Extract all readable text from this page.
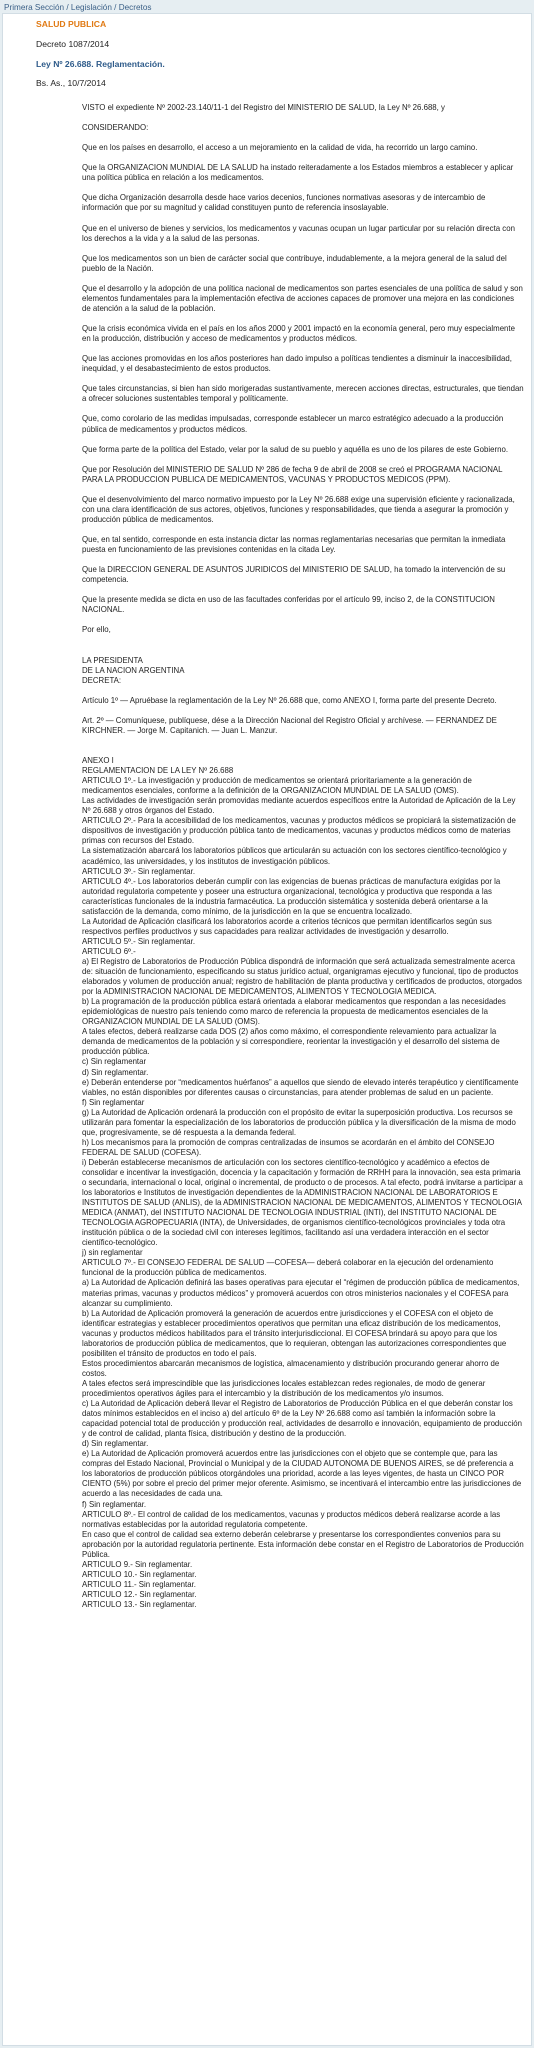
Primera Sección / Legislación / Decretos
SALUD PUBLICA
Decreto 1087/2014
Ley Nº 26.688. Reglamentación.
Bs. As., 10/7/2014

VISTO el expediente Nº 2002-23.140/11-1 del Registro del MINISTERIO DE SALUD, la Ley Nº 26.688, y

CONSIDERANDO:

Que en los países en desarrollo, el acceso a un mejoramiento en la calidad de vida, ha recorrido un largo camino.

Que la ORGANIZACION MUNDIAL DE LA SALUD ha instado reiteradamente a los Estados miembros a establecer y aplicar una política pública en relación a los medicamentos.

Que dicha Organización desarrolla desde hace varios decenios, funciones normativas asesoras y de intercambio de información que por su magnitud y calidad constituyen punto de referencia insoslayable.

Que en el universo de bienes y servicios, los medicamentos y vacunas ocupan un lugar particular por su relación directa con los derechos a la vida y a la salud de las personas.

Que los medicamentos son un bien de carácter social que contribuye, indudablemente, a la mejora general de la salud del pueblo de la Nación.

Que el desarrollo y la adopción de una política nacional de medicamentos son partes esenciales de una política de salud y son elementos fundamentales para la implementación efectiva de acciones capaces de promover una mejora en las condiciones de atención a la salud de la población.

Que la crisis económica vivida en el país en los años 2000 y 2001 impactó en la economía general, pero muy especialmente en la producción, distribución y acceso de medicamentos y productos médicos.

Que las acciones promovidas en los años posteriores han dado impulso a políticas tendientes a disminuir la inaccesibilidad, inequidad, y el desabastecimiento de estos productos.

Que tales circunstancias, si bien han sido morigeradas sustantivamente, merecen acciones directas, estructurales, que tiendan a ofrecer soluciones sustentables temporal y políticamente.

Que, como corolario de las medidas impulsadas, corresponde establecer un marco estratégico adecuado a la producción pública de medicamentos y productos médicos.

Que forma parte de la política del Estado, velar por la salud de su pueblo y aquélla es uno de los pilares de este Gobierno.

Que por Resolución del MINISTERIO DE SALUD Nº 286 de fecha 9 de abril de 2008 se creó el PROGRAMA NACIONAL PARA LA PRODUCCION PUBLICA DE MEDICAMENTOS, VACUNAS Y PRODUCTOS MEDICOS (PPM).

Que el desenvolvimiento del marco normativo impuesto por la Ley Nº 26.688 exige una supervisión eficiente y racionalizada, con una clara identificación de sus actores, objetivos, funciones y responsabilidades, que tienda a asegurar la promoción y producción pública de medicamentos.

Que, en tal sentido, corresponde en esta instancia dictar las normas reglamentarias necesarias que permitan la inmediata puesta en funcionamiento de las previsiones contenidas en la citada Ley.

Que la DIRECCION GENERAL DE ASUNTOS JURIDICOS del MINISTERIO DE SALUD, ha tomado la intervención de su competencia.

Que la presente medida se dicta en uso de las facultades conferidas por el artículo 99, inciso 2, de la CONSTITUCION NACIONAL.

Por ello,

LA PRESIDENTA

DE LA NACION ARGENTINA

DECRETA:

Artículo 1º — Apruébase la reglamentación de la Ley Nº 26.688 que, como ANEXO I, forma parte del presente Decreto.

Art. 2º — Comuníquese, publíquese, dése a la Dirección Nacional del Registro Oficial y archívese. — FERNANDEZ DE KIRCHNER. — Jorge M. Capitanich. — Juan L. Manzur.

ANEXO I

REGLAMENTACION DE LA LEY Nº 26.688

ARTICULO 1º.- La investigación y producción de medicamentos se orientará prioritariamente a la generación de medicamentos esenciales, conforme a la definición de la ORGANIZACION MUNDIAL DE LA SALUD (OMS).

Las actividades de investigación serán promovidas mediante acuerdos específicos entre la Autoridad de Aplicación de la Ley Nº 26.688 y otros órganos del Estado.

ARTICULO 2º.- Para la accesibilidad de los medicamentos, vacunas y productos médicos se propiciará la sistematización de dispositivos de investigación y producción pública tanto de medicamentos, vacunas y productos médicos como de materias primas con recursos del Estado.

La sistematización abarcará los laboratorios públicos que articularán su actuación con los sectores científico-tecnológico y académico, las universidades, y los institutos de investigación públicos.

ARTICULO 3º.- Sin reglamentar.

ARTICULO 4º.- Los laboratorios deberán cumplir con las exigencias de buenas prácticas de manufactura exigidas por la autoridad regulatoria competente y poseer una estructura organizacional, tecnológica y productiva que responda a las características funcionales de la industria farmacéutica. La producción sistemática y sostenida deberá orientarse a la satisfacción de la demanda, como mínimo, de la jurisdicción en la que se encuentra localizado.

La Autoridad de Aplicación clasificará los laboratorios acorde a criterios técnicos que permitan identificarlos según sus respectivos perfiles productivos y sus capacidades para realizar actividades de investigación y desarrollo.

ARTICULO 5º.- Sin reglamentar.

ARTICULO 6º.-

a) El Registro de Laboratorios de Producción Pública dispondrá de información que será actualizada semestralmente acerca de: situación de funcionamiento, especificando su status jurídico actual, organigramas ejecutivo y funcional, tipo de productos elaborados y volumen de producción anual; registro de habilitación de planta productiva y certificados de productos, otorgados por la ADMINISTRACION NACIONAL DE MEDICAMENTOS, ALIMENTOS Y TECNOLOGIA MEDICA.

b) La programación de la producción pública estará orientada a elaborar medicamentos que respondan a las necesidades epidemiológicas de nuestro país teniendo como marco de referencia la propuesta de medicamentos esenciales de la ORGANIZACION MUNDIAL DE LA SALUD (OMS).

A tales efectos, deberá realizarse cada DOS (2) años como máximo, el correspondiente relevamiento para actualizar la demanda de medicamentos de la población y si correspondiere, reorientar la investigación y el desarrollo del sistema de producción pública.

c) Sin reglamentar

d) Sin reglamentar.

e) Deberán entenderse por “medicamentos huérfanos” a aquellos que siendo de elevado interés terapéutico y científicamente viables, no están disponibles por diferentes causas o circunstancias, para atender problemas de salud en un paciente.

f) Sin reglamentar

g) La Autoridad de Aplicación ordenará la producción con el propósito de evitar la superposición productiva. Los recursos se utilizarán para fomentar la especialización de los laboratorios de producción pública y la diversificación de la misma de modo que, progresivamente, se dé respuesta a la demanda federal.

h) Los mecanismos para la promoción de compras centralizadas de insumos se acordarán en el ámbito del CONSEJO FEDERAL DE SALUD (COFESA).

i) Deberán establecerse mecanismos de articulación con los sectores científico-tecnológico y académico a efectos de consolidar e incentivar la investigación, docencia y la capacitación y formación de RRHH para la innovación, sea esta primaria o secundaria, internacional o local, original o incremental, de producto o de procesos. A tal efecto, podrá invitarse a participar a los laboratorios e Institutos de investigación dependientes de la ADMINISTRACION NACIONAL DE LABORATORIOS E INSTITUTOS DE SALUD (ANLIS), de la ADMINISTRACION NACIONAL DE MEDICAMENTOS, ALIMENTOS Y TECNOLOGIA MEDICA (ANMAT), del INSTITUTO NACIONAL DE TECNOLOGIA INDUSTRIAL (INTI), del INSTITUTO NACIONAL DE TECNOLOGIA AGROPECUARIA (INTA), de Universidades, de organismos científico-tecnológicos provinciales y toda otra institución pública o de la sociedad civil con intereses legítimos, facilitando así una verdadera interacción en el sector científico-tecnológico.

j) sin reglamentar

ARTICULO 7º.- El CONSEJO FEDERAL DE SALUD —COFESA— deberá colaborar en la ejecución del ordenamiento funcional de la producción pública de medicamentos.

a) La Autoridad de Aplicación definirá las bases operativas para ejecutar el “régimen de producción pública de medicamentos, materias primas, vacunas y productos médicos” y promoverá acuerdos con otros ministerios nacionales y el COFESA para alcanzar su cumplimiento.

b) La Autoridad de Aplicación promoverá la generación de acuerdos entre jurisdicciones y el COFESA con el objeto de identificar estrategias y establecer procedimientos operativos que permitan una eficaz distribución de los medicamentos, vacunas y productos médicos habilitados para el tránsito interjurisdiccional. El COFESA brindará su apoyo para que los laboratorios de producción pública de medicamentos, que lo requieran, obtengan las autorizaciones correspondientes que posibiliten el tránsito de productos en todo el país.

Estos procedimientos abarcarán mecanismos de logística, almacenamiento y distribución procurando generar ahorro de costos.

A tales efectos será imprescindible que las jurisdicciones locales establezcan redes regionales, de modo de generar procedimientos operativos ágiles para el intercambio y la distribución de los medicamentos y/o insumos.

c) La Autoridad de Aplicación deberá llevar el Registro de Laboratorios de Producción Pública en el que deberán constar los datos mínimos establecidos en el inciso a) del artículo 6º de la Ley Nº 26.688 como así también la información sobre la capacidad potencial total de producción y producción real, actividades de desarrollo e innovación, equipamiento de producción y de control de calidad, planta física, distribución y destino de la producción.

d) Sin reglamentar.

e) La Autoridad de Aplicación promoverá acuerdos entre las jurisdicciones con el objeto que se contemple que, para las compras del Estado Nacional, Provincial o Municipal y de la CIUDAD AUTONOMA DE BUENOS AIRES, se dé preferencia a los laboratorios de producción públicos otorgándoles una prioridad, acorde a las leyes vigentes, de hasta un CINCO POR CIENTO (5%) por sobre el precio del primer mejor oferente. Asimismo, se incentivará el intercambio entre las jurisdicciones de acuerdo a las necesidades de cada una.

f) Sin reglamentar.

ARTICULO 8º.- El control de calidad de los medicamentos, vacunas y productos médicos deberá realizarse acorde a las normativas establecidas por la autoridad regulatoria competente.

En caso que el control de calidad sea externo deberán celebrarse y presentarse los correspondientes convenios para su aprobación por la autoridad regulatoria pertinente. Esta información debe constar en el Registro de Laboratorios de Producción Pública.

ARTICULO 9.- Sin reglamentar.

ARTICULO 10.- Sin reglamentar.

ARTICULO 11.- Sin reglamentar.

ARTICULO 12.- Sin reglamentar.

ARTICULO 13.- Sin reglamentar.
